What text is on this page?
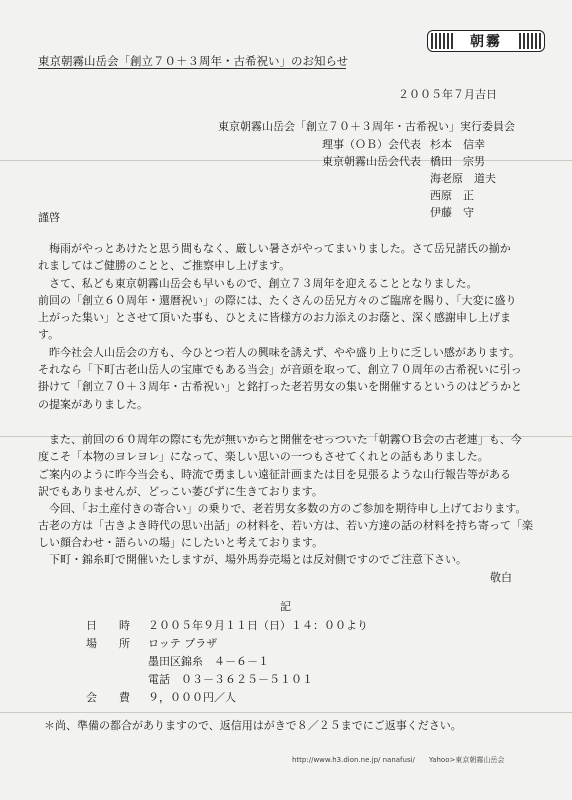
朝霧
東京朝霧山岳会「創立７０＋３周年・古希祝い」のお知らせ
２００５年７月吉日
東京朝霧山岳会「創立７０＋３周年・古希祝い」実行委員会
理事（ＯＢ）会代表 杉本　信幸
東京朝霧山岳会代表 橋田　宗男
海老原　道夫
西原　正
伊藤　守
謹啓
　梅雨がやっとあけたと思う間もなく、厳しい暑さがやってまいりました。さて岳兄諸氏の揃か
れましてはご健勝のことと、ご推察申し上げます。
　さて、私ども東京朝霧山岳会も早いもので、創立７３周年を迎えることとなりました。
前回の「創立６０周年・還暦祝い」の際には、たくさんの岳兄方々のご臨席を賜り、「大変に盛り
上がった集い」とさせて頂いた事も、ひとえに皆様方のお力添えのお蔭と、深く感謝申し上げま
す。
　昨今社会人山岳会の方も、今ひとつ若人の興味を誘えず、やや盛り上りに乏しい感があります。
それなら「下町古老山岳人の宝庫でもある当会」が音頭を取って、創立７０周年の古希祝いに引っ
掛けて「創立７０＋３周年・古希祝い」と銘打った老若男女の集いを開催するというのはどうかと
の提案がありました。
　また、前回の６０周年の際にも先が無いからと開催をせっついた「朝霧ＯＢ会の古老連」も、今
度こそ「本物のヨレヨレ」になって、楽しい思いの一つもさせてくれとの話もありました。
ご案内のように昨今当会も、時流で勇ましい遠征計画または目を見張るような山行報告等がある
訳でもありませんが、どっこい萎びずに生きております。
　今回、「お土産付きの寄合い」の乗りで、老若男女多数の方のご参加を期待申し上げております。
古老の方は「古きよき時代の思い出話」の材料を、若い方は、若い方達の話の材料を持ち寄って「楽
しい顔合わせ・語らいの場」にしたいと考えております。
　下町・錦糸町で開催いたしますが、場外馬券売場とは反対側ですのでご注意下さい。
敬白
記
日　　時 ２００５年９月１１日（日）１４：００より
場　　所 ロッテ プラザ
墨田区錦糸　４－６－１
電話　０３－３６２５－５１０１
会　　費 ９，０００円／人
＊尚、準備の都合がありますので、返信用はがきで８／２５までにご返事ください。
http://www.h3.dion.ne.jp/ nanafusi/　　Yahoo>東京朝霧山岳会
